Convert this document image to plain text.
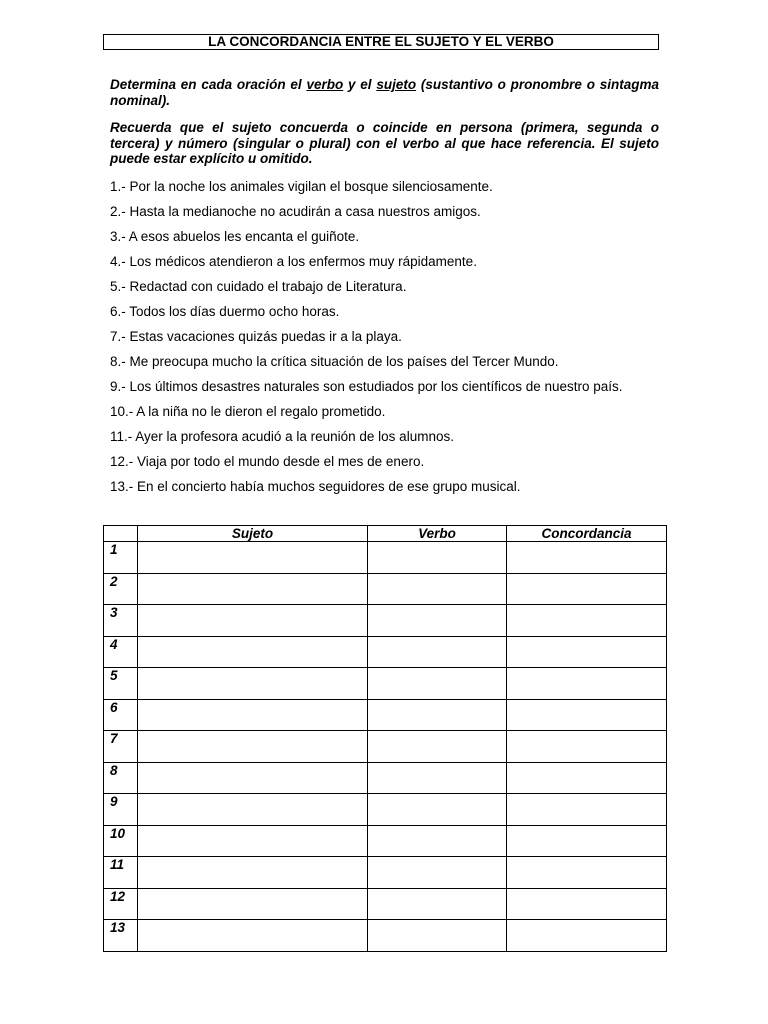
LA CONCORDANCIA ENTRE EL SUJETO Y EL VERBO

Determina en cada oración el verbo y el sujeto (sustantivo o pronombre o sintagma nominal).

Recuerda que el sujeto concuerda o coincide en persona (primera, segunda o tercera) y número (singular o plural) con el verbo al que hace referencia. El sujeto puede estar explícito u omitido.

1.- Por la noche los animales vigilan el bosque silenciosamente.
2.- Hasta la medianoche no acudirán a casa nuestros amigos.
3.- A esos abuelos les encanta el guiñote.
4.- Los médicos atendieron a los enfermos muy rápidamente.
5.- Redactad con cuidado el trabajo de Literatura.
6.- Todos los días duermo ocho horas.
7.- Estas vacaciones quizás puedas ir a la playa.
8.- Me preocupa mucho la crítica situación de los países del Tercer Mundo.
9.- Los últimos desastres naturales son estudiados por los científicos de nuestro país.
10.- A la niña no le dieron el regalo prometido.
11.- Ayer la profesora acudió a la reunión de los alumnos.
12.- Viaja por todo el mundo desde el mes de enero.
13.- En el concierto había muchos seguidores de ese grupo musical.
	Sujeto	Verbo	Concordancia
1			
2			
3			
4			
5			
6			
7			
8			
9			
10			
11			
12			
13			
